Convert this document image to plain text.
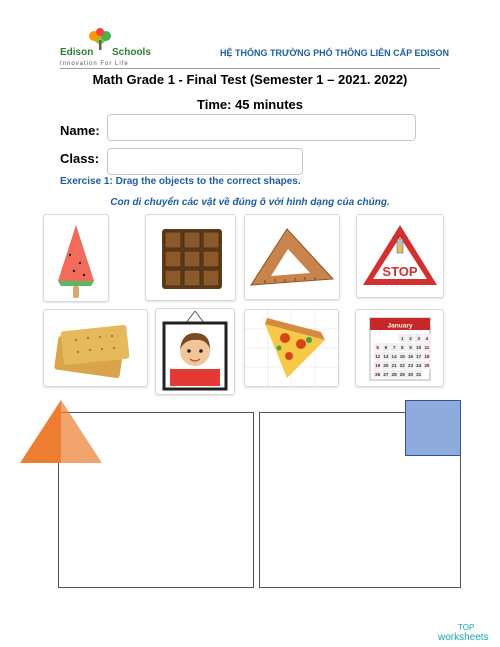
Edison Schools
Innovation For Life
HỆ THỐNG TRƯỜNG PHỔ THÔNG LIÊN CẤP EDISON
Math Grade 1 - Final Test (Semester 1 – 2021. 2022)
Time: 45 minutes
Name:
Class:
Exercise 1: Drag the objects to the correct shapes.
Con di chuyển các vật về đúng ô với hình dạng của chúng.
STOP
January
1 2 3 4
5 6 7 8 9 10 11
12 13 14 15 16 17 18
19 20 21 22 23 24 25
26 27 28 29 30 31
TOP
worksheets
